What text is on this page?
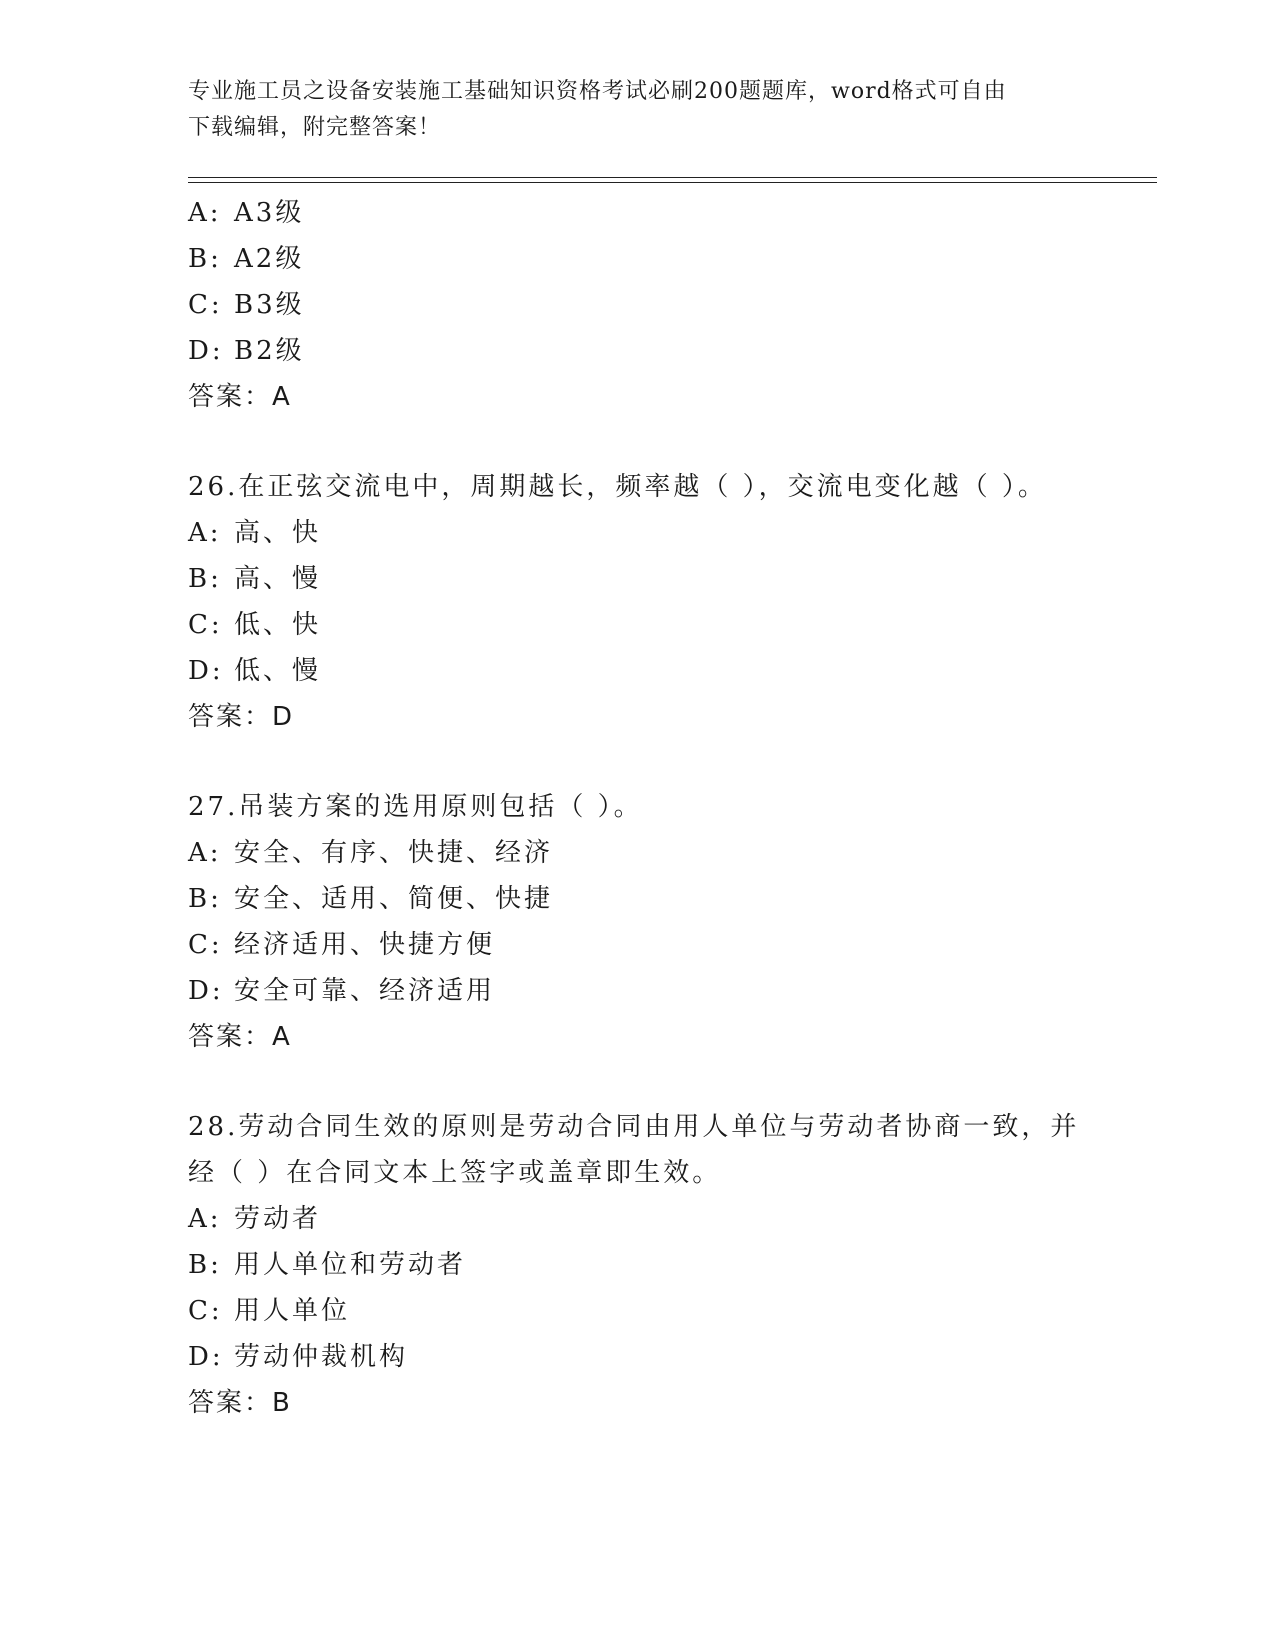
专业施工员之设备安装施工基础知识资格考试必刷200题题库，word格式可自由
下载编辑，附完整答案！
A: A3级
B: A2级
C: B3级
D: B2级
答案：A
26.在正弦交流电中，周期越长，频率越（ ），交流电变化越（ ）。
A: 高、快
B: 高、慢
C: 低、快
D: 低、慢
答案：D
27.吊装方案的选用原则包括（ ）。
A: 安全、有序、快捷、经济
B: 安全、适用、简便、快捷
C: 经济适用、快捷方便
D: 安全可靠、经济适用
答案：A
28.劳动合同生效的原则是劳动合同由用人单位与劳动者协商一致，并
经（ ）在合同文本上签字或盖章即生效。
A: 劳动者
B: 用人单位和劳动者
C: 用人单位
D: 劳动仲裁机构
答案：B
